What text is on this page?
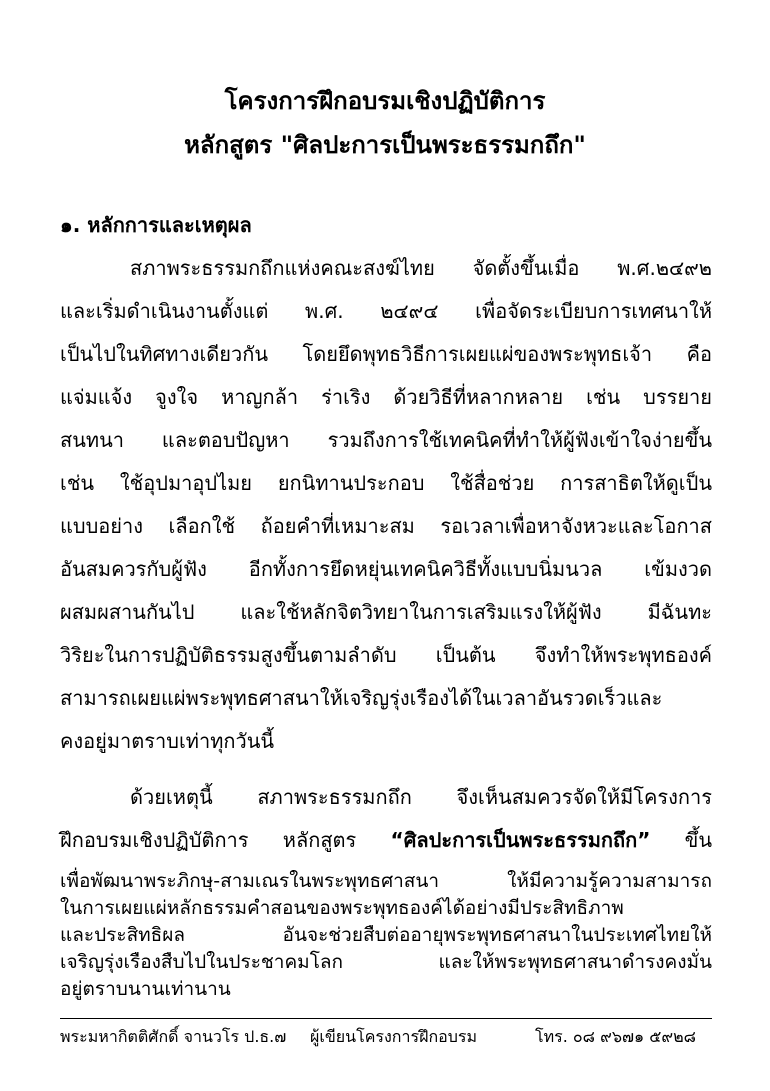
โครงการฝึกอบรมเชิงปฏิบัติการ
หลักสูตร "ศิลปะการเป็นพระธรรมกถึก"
๑. หลักการและเหตุผล
สภาพระธรรมกถึกแห่งคณะสงฆ์ไทย จัดตั้งขึ้นเมื่อ พ.ศ.๒๔๙๒
และเริ่มดำเนินงานตั้งแต่ พ.ศ. ๒๔๙๔ เพื่อจัดระเบียบการเทศนาให้
เป็นไปในทิศทางเดียวกัน โดยยึดพุทธวิธีการเผยแผ่ของพระพุทธเจ้า คือ
แจ่มแจ้ง จูงใจ หาญกล้า ร่าเริง ด้วยวิธีที่หลากหลาย เช่น บรรยาย
สนทนา และตอบปัญหา รวมถึงการใช้เทคนิคที่ทำให้ผู้ฟังเข้าใจง่ายขึ้น
เช่น ใช้อุปมาอุปไมย ยกนิทานประกอบ ใช้สื่อช่วย การสาธิตให้ดูเป็น
แบบอย่าง เลือกใช้ ถ้อยคำที่เหมาะสม รอเวลาเพื่อหาจังหวะและโอกาส
อันสมควรกับผู้ฟัง อีกทั้งการยึดหยุ่นเทคนิควิธีทั้งแบบนิ่มนวล เข้มงวด
ผสมผสานกันไป และใช้หลักจิตวิทยาในการเสริมแรงให้ผู้ฟัง มีฉันทะ
วิริยะในการปฏิบัติธรรมสูงขึ้นตามลำดับ เป็นต้น จึงทำให้พระพุทธองค์
สามารถเผยแผ่พระพุทธศาสนาให้เจริญรุ่งเรืองได้ในเวลาอันรวดเร็วและ
คงอยู่มาตราบเท่าทุกวันนี้
ด้วยเหตุนี้ สภาพระธรรมกถึก จึงเห็นสมควรจัดให้มีโครงการ
ฝึกอบรมเชิงปฏิบัติการ หลักสูตร “ศิลปะการเป็นพระธรรมกถึก” ขึ้น
เพื่อพัฒนาพระภิกษุ-สามเณรในพระพุทธศาสนา ให้มีความรู้ความสามารถ
ในการเผยแผ่หลักธรรมคำสอนของพระพุทธองค์ได้อย่างมีประสิทธิภาพ
และประสิทธิผล อันจะช่วยสืบต่ออายุพระพุทธศาสนาในประเทศไทยให้
เจริญรุ่งเรืองสืบไปในประชาคมโลก และให้พระพุทธศาสนาดำรงคงมั่น
อยู่ตราบนานเท่านาน
พระมหากิตติศักดิ์ จานวโร ป.ธ.๗ ผู้เขียนโครงการฝึกอบรม	โทร. ๐๘ ๙๖๗๑ ๕๙๒๘
